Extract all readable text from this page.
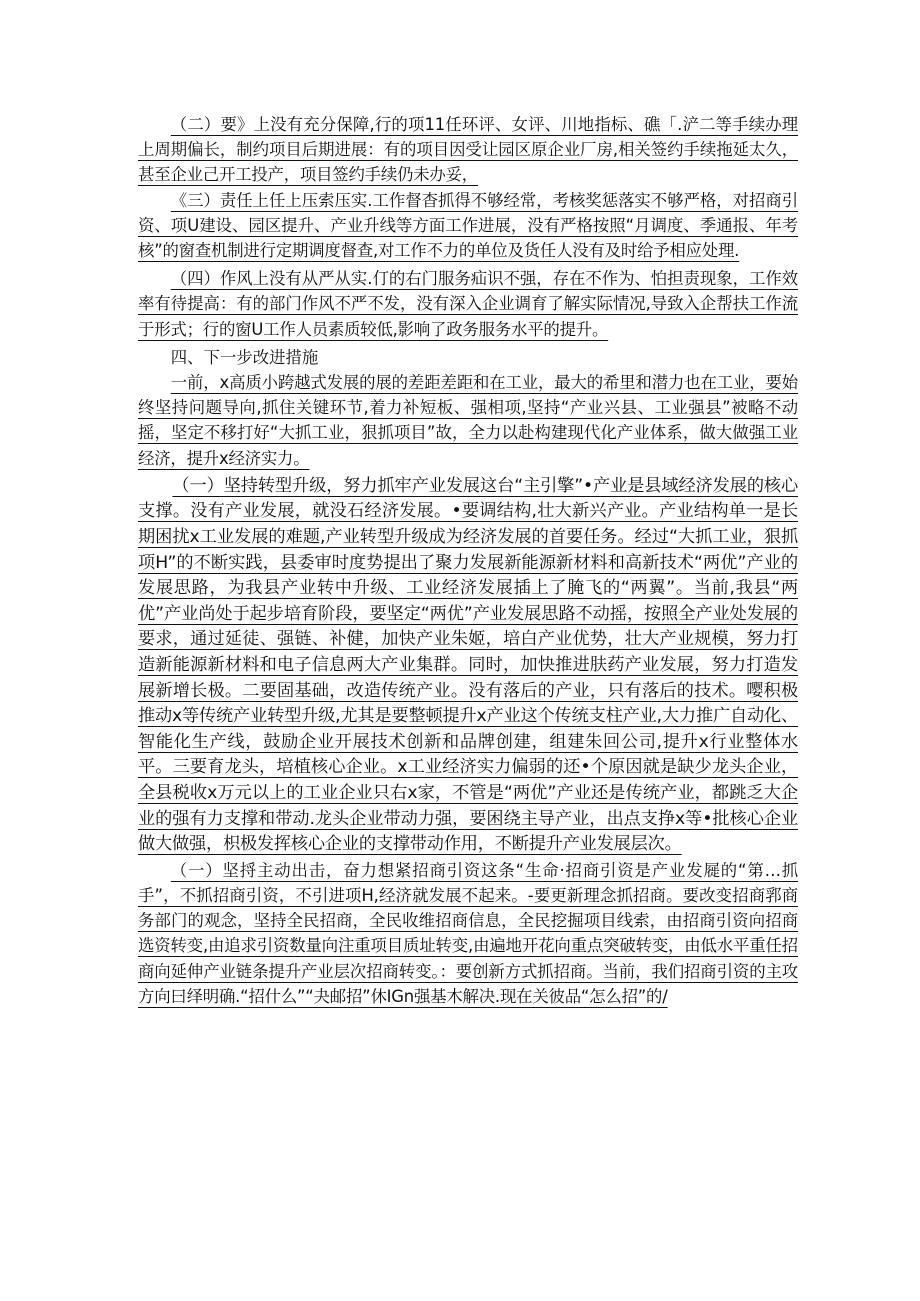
（二）要》上没有充分保障,行的项11任环评、女评、川地指标、礁「.浐二等手续办理上周期偏长，制约项目后期进展：有的项目因受让园区原企业厂房,相关签约手续拖延太久，甚至企业己开工投产，项目签约手续仍未办妥，

《三）责任上任上压索压实.工作督杳抓得不够经常，考核奖惩落实不够严格，对招商引资、项U建设、园区提升、产业升线等方面工作进展，没有严格按照“月调度、季通报、年考核”的窗查机制进行定期调度督查,对工作不力的单位及货任人没有及时给予相应处理.

（四）作风上没有从严从实.仃的右门服务疝识不强，存在不作为、怕担责现象，工作效率有待提高：有的部门作风不严不发，没有深入企业调育了解实际情况,导致入企帮扶工作流于形式；行的窗U工作人员素质较低,影响了政务服务水平的提升。

四、下一步改进措施

一前，x高质小跨越式发展的展的差距差距和在工业，最大的希里和潜力也在工业，要始终坚持问题导向,抓住关键环节,着力补短板、强相项,坚持“产业兴县、工业强县”被略不动摇，坚定不移打好“大抓工业，狠抓项目”故，全力以赴构建现代化产业体系，做大做强工业经济，提升x经济实力。

（一）坚持转型升级，努力抓牢产业发展这台“主引擎”•产业是县域经济发展的核心支撑。没有产业发展，就没石经济发展。•要调结构,壮大新兴产业。产业结构单一是长期困扰x工业发展的难题,产业转型升级成为经济发展的首要任务。经过“大抓工业，狠抓项H”的不断实践，县委审时度势提出了聚力发展新能源新材料和高新技术“两优”产业的发展思路，为我县产业转中升级、工业经济发展插上了腌飞的“两翼”。当前,我县“两优”产业尚处于起步培育阶段，要坚定“两优”产业发展思路不动摇，按照全产业处发展的要求，通过延徒、强链、补健，加快产业朱姬，培白产业优势，壮大产业规模，努力打造新能源新材料和电子信息两大产业集群。同时，加快推进肤药产业发展，努力打造发展新增长极。二要固基础，改造传统产业。没有落后的产业，只有落后的技术。嘤积极推动x等传统产业转型升级,尤其是要整顿提升x产业这个传统支柱产业,大力推广自动化、智能化生产线，鼓励企业开展技术创新和品牌创建，组建朱回公司,提升x行业整体水平。三要育龙头，培植核心企业。x工业经济实力偏弱的还•个原因就是缺少龙头企业，全县税收x万元以上的工业企业只右x家，不管是“两优”产业还是传统产业，都跳乏大企业的强有力支撑和带动.龙头企业带动力强，要困绕主导产业，出点支挣x等•批核心企业做大做强，枳极发挥核心企业的支撑带动作用，不断提升产业发展层次。

（一）坚捋主动出击，奋力想紧招商引资这条“生命·招商引资是产业发屣的“第…抓手”，不抓招商引资，不引进项H,经济就发展不起来。-要更新理念抓招商。要改变招商郛商务部门的观念，坚持全民招商，全民收维招商信息，全民挖掘项目线索，由招商引资向招商选资转变,由追求引资数量向注重项目质址转变,由遍地开花向重点突破转变，由低水平重任招商向延伸产业链条提升产业层次招商转变。：要创新方式抓招商。当前，我们招商引资的主攻方向曰绎明确.“招什么”“夬邮招”休IGn强基木解决.现在关彼品“怎么招”的/
